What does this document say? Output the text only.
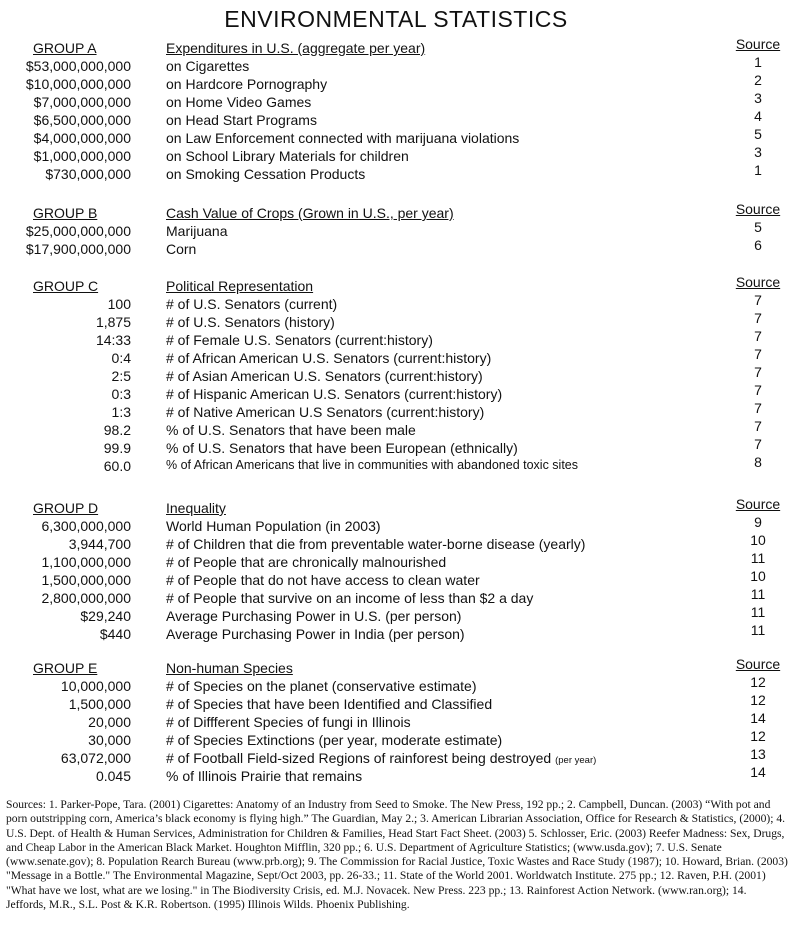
ENVIRONMENTAL STATISTICS
GROUP A	Expenditures in U.S. (aggregate per year)	Source
$53,000,000,000	on Cigarettes	1
$10,000,000,000	on Hardcore Pornography	2
$7,000,000,000	on Home Video Games	3
$6,500,000,000	on Head Start Programs	4
$4,000,000,000	on Law Enforcement connected with marijuana violations	5
$1,000,000,000	on School Library Materials for children	3
$730,000,000	on Smoking Cessation Products	1
GROUP B	Cash Value of Crops (Grown in U.S., per year)	Source
$25,000,000,000	Marijuana	5
$17,900,000,000	Corn	6
GROUP C	Political Representation	Source
100	# of U.S. Senators (current)	7
1,875	# of U.S. Senators (history)	7
14:33	# of Female U.S. Senators (current:history)	7
0:4	# of African American U.S. Senators (current:history)	7
2:5	# of Asian American U.S. Senators (current:history)	7
0:3	# of Hispanic American U.S. Senators (current:history)	7
1:3	# of Native American U.S Senators (current:history)	7
98.2	% of U.S. Senators that have been male	7
99.9	% of U.S. Senators that have been European (ethnically)	7
60.0	% of African Americans that live in communities with abandoned toxic sites	8
GROUP D	Inequality	Source
6,300,000,000	World Human Population (in 2003)	9
3,944,700	# of Children that die from preventable water-borne disease (yearly)	10
1,100,000,000	# of People that are chronically malnourished	11
1,500,000,000	# of People that do not have access to clean water	10
2,800,000,000	# of People that survive on an income of less than $2 a day	11
$29,240	Average Purchasing Power in U.S. (per person)	11
$440	Average Purchasing Power in India (per person)	11
GROUP E	Non-human Species	Source
10,000,000	# of Species on the planet (conservative estimate)	12
1,500,000	# of Species that have been Identified and Classified	12
20,000	# of Diffferent Species of fungi in Illinois	14
30,000	# of Species Extinctions (per year, moderate estimate)	12
63,072,000	# of Football Field-sized Regions of rainforest being destroyed (per year)	13
0.045	% of Illinois Prairie that remains	14
Sources: 1. Parker-Pope, Tara. (2001) Cigarettes: Anatomy of an Industry from Seed to Smoke. The New Press, 192 pp.; 2. Campbell, Duncan. (2003) “With pot and porn outstripping corn, America’s black economy is flying high.” The Guardian, May 2.; 3. American Librarian Association, Office for Research & Statistics, (2000); 4. U.S. Dept. of Health & Human Services, Administration for Children & Families, Head Start Fact Sheet. (2003) 5. Schlosser, Eric. (2003) Reefer Madness: Sex, Drugs, and Cheap Labor in the American Black Market. Houghton Mifflin, 320 pp.; 6. U.S. Department of Agriculture Statistics; (www.usda.gov); 7. U.S. Senate (www.senate.gov); 8. Population Rearch Bureau (www.prb.org); 9. The Commission for Racial Justice, Toxic Wastes and Race Study (1987); 10. Howard, Brian. (2003) "Message in a Bottle." The Environmental Magazine, Sept/Oct 2003, pp. 26-33.; 11. State of the World 2001. Worldwatch Institute. 275 pp.; 12. Raven, P.H. (2001) "What have we lost, what are we losing." in The Biodiversity Crisis, ed. M.J. Novacek. New Press. 223 pp.; 13. Rainforest Action Network. (www.ran.org); 14. Jeffords, M.R., S.L. Post & K.R. Robertson. (1995) Illinois Wilds. Phoenix Publishing.
